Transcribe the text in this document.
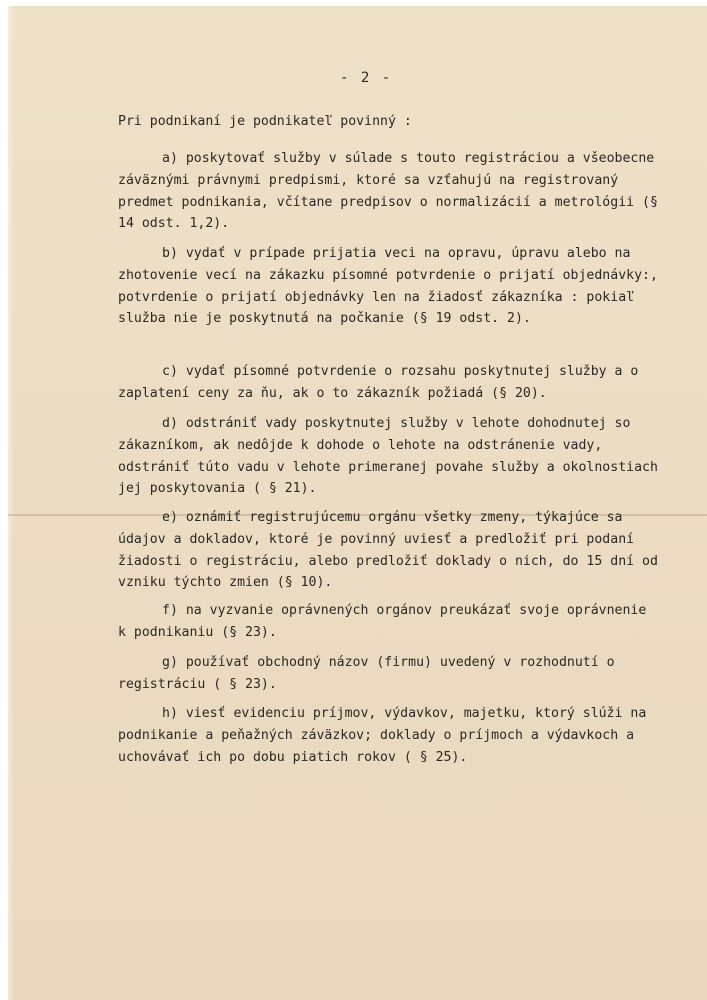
- 2 -
Pri podnikaní je podnikateľ povinný :
a) poskytovať služby v súlade s touto registráciou a všeobecne záväznými právnymi predpismi, ktoré sa vzťahujú na registrovaný predmet podnikania, včítane predpisov o normalizácií a metrológii (§ 14 odst. 1,2).
b) vydať v prípade prijatia veci na opravu, úpravu alebo na zhotovenie vecí na zákazku písomné potvrdenie o prijatí objednávky:, potvrdenie o prijatí objednávky len na žiadosť zákazníka : pokiaľ služba nie je poskytnutá na počkanie (§ 19 odst. 2).
c) vydať písomné potvrdenie o rozsahu poskytnutej služby a o zaplatení ceny za ňu, ak o to zákazník požiadá (§ 20).
d) odstrániť vady poskytnutej služby v lehote dohodnutej so zákazníkom, ak nedôjde k dohode o lehote na odstránenie vady, odstrániť túto vadu v lehote primeranej povahe služby a okolnostiach jej poskytovania ( § 21).
e) oznámiť registrujúcemu orgánu všetky zmeny, týkajúce sa údajov a dokladov, ktoré je povinný uviesť a predložiť pri podaní žiadosti o registráciu, alebo predložiť doklady o nich, do 15 dní od vzniku týchto zmien (§ 10).
f) na vyzvanie oprávnených orgánov preukázať svoje oprávnenie k podnikaniu (§ 23).
g) používať obchodný názov (firmu) uvedený v rozhodnutí o registráciu ( § 23).
h) viesť evidenciu príjmov, výdavkov, majetku, ktorý slúži na podnikanie a peňažných záväzkov; doklady o príjmoch a výdavkoch a uchovávať ich po dobu piatich rokov ( § 25).
